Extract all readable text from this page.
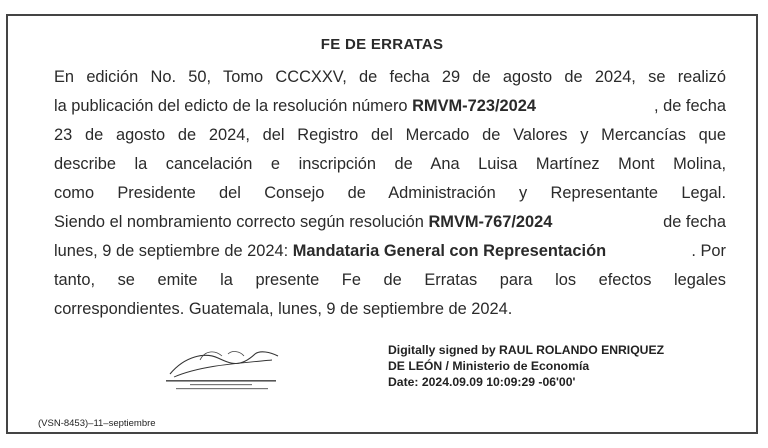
FE DE ERRATAS
En edición No. 50, Tomo CCCXXV, de fecha 29 de agosto de 2024, se realizó
la publicación del edicto de la resolución número RMVM-723/2024	, de fecha
23 de agosto de 2024, del Registro del Mercado de Valores y Mercancías que
describe la cancelación e inscripción de Ana Luisa Martínez Mont Molina,
como Presidente del Consejo de Administración y Representante Legal.
Siendo el nombramiento correcto según resolución RMVM-767/2024	de fecha
lunes, 9 de septiembre de 2024: Mandataria General con Representación	. Por
tanto, se emite la presente Fe de Erratas para los efectos legales
correspondientes. Guatemala, lunes, 9 de septiembre de 2024.
Digitally signed by RAUL ROLANDO ENRIQUEZ
DE LEÓN / Ministerio de Economía
Date: 2024.09.09 10:09:29 -06'00'
(VSN-8453)–11–septiembre
